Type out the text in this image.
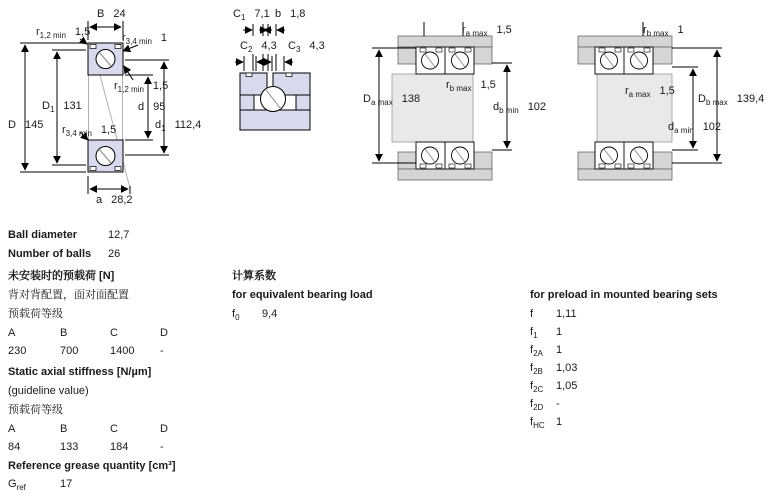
B 24
$r_{1,2 min}$ 1,5	$r_{3,4 min}$ 1
$r_{1,2 min}$ 1,5
$D_1$ 131	d 95
D 145 $r_{3,4 min}$ 1,5	$d_1$ 112,4
a 28,2
$C_1$ 7,1 b 1,8
$C_2$ 4,3 $C_3$ 4,3
$r_{a max}$ 1,5
$D_{a max}$ 138
$r_{b max}$ 1,5
$d_{b min}$ 102
$r_{b max}$ 1
$r_{a max}$ 1,5
$D_{b max}$ 139,4
$d_{a min}$ 102
Ball diameter	12,7
Number of balls 26
未安装时的预载荷 [N]
背对背配置，面对面配置
预载荷等级
A	B	C	D
230	700	1400 -
Static axial stiffness [N/µm]
(guideline value)
预载荷等级
A	B	C	D
84	133	184	-
Reference grease quantity [cm³]
$G_{ref}$	17
计算系数
for equivalent bearing load
$f_0$ 9,4
for preload in mounted bearing sets
f 1,11
$f_1$ 1
$f_{2A}$ 1
$f_{2B}$ 1,03
$f_{2C}$ 1,05
$f_{2D}$ -
$f_{HC}$ 1
